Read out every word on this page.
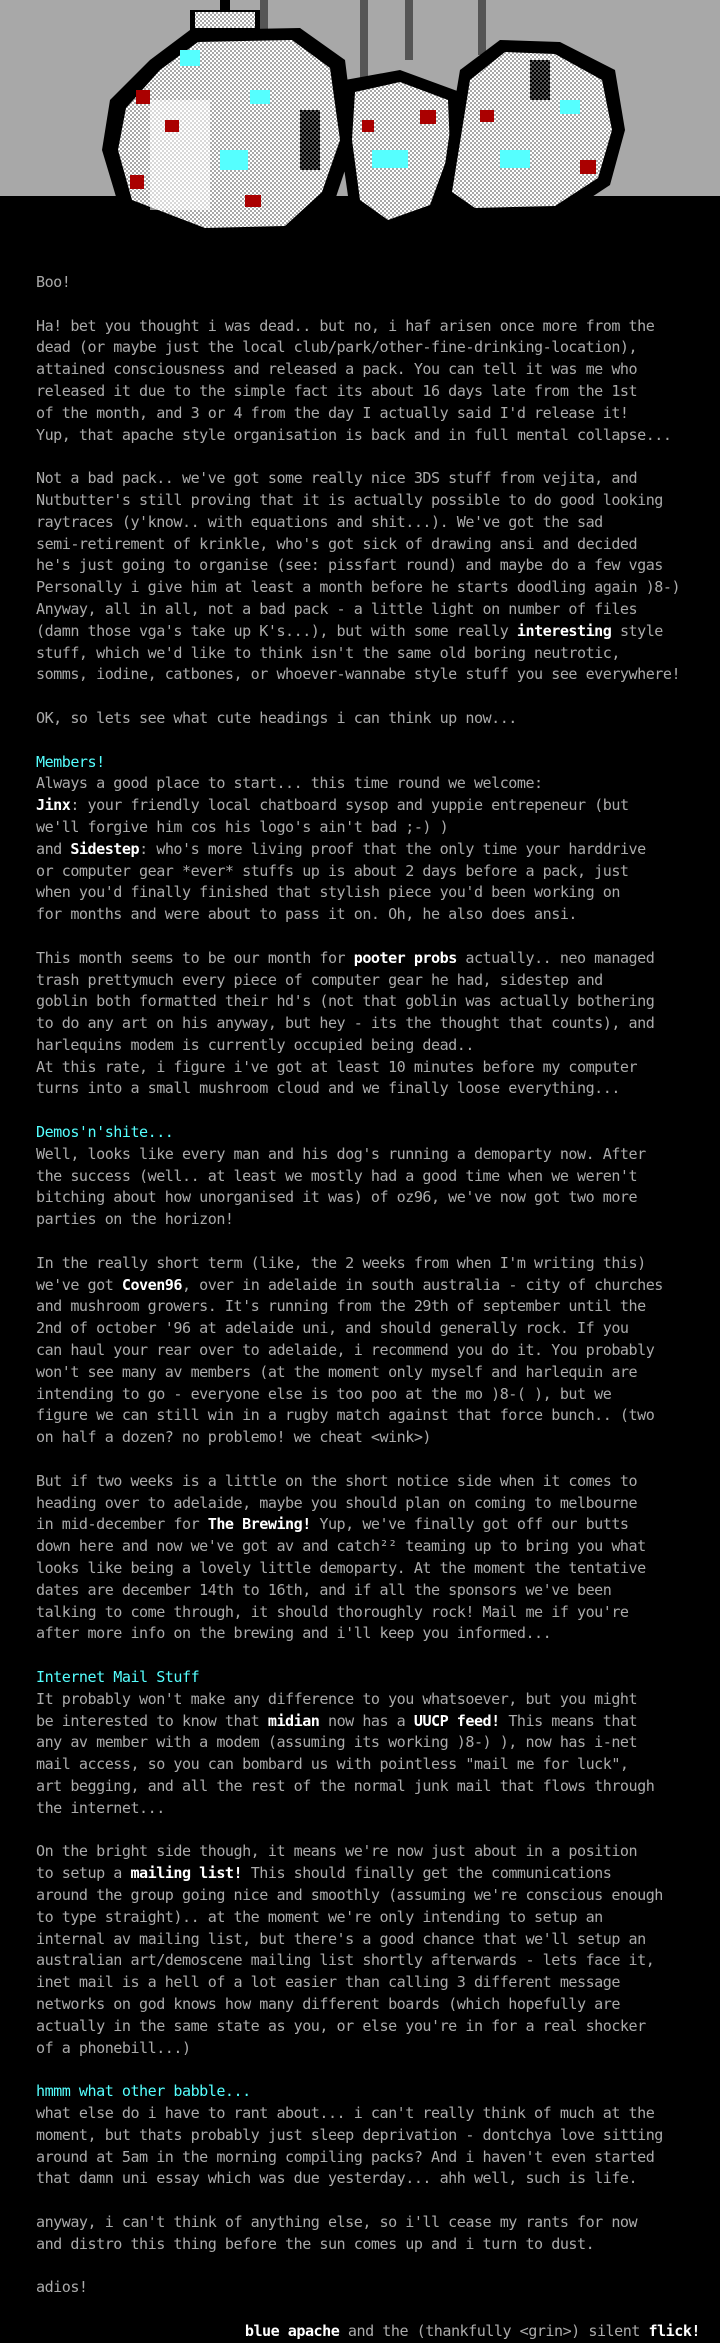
Boo!
Ha! bet you thought i was dead.. but no, i haf arisen once more from the
dead (or maybe just the local club/park/other-fine-drinking-location),
attained consciousness and released a pack. You can tell it was me who
released it due to the simple fact its about 16 days late from the 1st
of the month, and 3 or 4 from the day I actually said I'd release it!
Yup, that apache style organisation is back and in full mental collapse...
Not a bad pack.. we've got some really nice 3DS stuff from vejita, and
Nutbutter's still proving that it is actually possible to do good looking
raytraces (y'know.. with equations and shit...). We've got the sad
semi-retirement of krinkle, who's got sick of drawing ansi and decided
he's just going to organise (see: pissfart round) and maybe do a few vgas
Personally i give him at least a month before he starts doodling again )8-)
Anyway, all in all, not a bad pack - a little light on number of files
(damn those vga's take up K's...), but with some really interesting style
stuff, which we'd like to think isn't the same old boring neutrotic,
somms, iodine, catbones, or whoever-wannabe style stuff you see everywhere!
OK, so lets see what cute headings i can think up now...
Members!
Always a good place to start... this time round we welcome:
Jinx: your friendly local chatboard sysop and yuppie entrepeneur (but
we'll forgive him cos his logo's ain't bad ;-) )
and Sidestep: who's more living proof that the only time your harddrive
or computer gear *ever* stuffs up is about 2 days before a pack, just
when you'd finally finished that stylish piece you'd been working on
for months and were about to pass it on. Oh, he also does ansi.
This month seems to be our month for pooter probs actually.. neo managed
trash prettymuch every piece of computer gear he had, sidestep and
goblin both formatted their hd's (not that goblin was actually bothering
to do any art on his anyway, but hey - its the thought that counts), and
harlequins modem is currently occupied being dead..
At this rate, i figure i've got at least 10 minutes before my computer
turns into a small mushroom cloud and we finally loose everything...
Demos'n'shite...
Well, looks like every man and his dog's running a demoparty now. After
the success (well.. at least we mostly had a good time when we weren't
bitching about how unorganised it was) of oz96, we've now got two more
parties on the horizon!
In the really short term (like, the 2 weeks from when I'm writing this)
we've got Coven96, over in adelaide in south australia - city of churches
and mushroom growers. It's running from the 29th of september until the
2nd of october '96 at adelaide uni, and should generally rock. If you
can haul your rear over to adelaide, i recommend you do it. You probably
won't see many av members (at the moment only myself and harlequin are
intending to go - everyone else is too poo at the mo )8-( ), but we
figure we can still win in a rugby match against that force bunch.. (two
on half a dozen? no problemo! we cheat <wink>)
But if two weeks is a little on the short notice side when it comes to
heading over to adelaide, maybe you should plan on coming to melbourne
in mid-december for The Brewing! Yup, we've finally got off our butts
down here and now we've got av and catch²² teaming up to bring you what
looks like being a lovely little demoparty. At the moment the tentative
dates are december 14th to 16th, and if all the sponsors we've been
talking to come through, it should thoroughly rock! Mail me if you're
after more info on the brewing and i'll keep you informed...
Internet Mail Stuff
It probably won't make any difference to you whatsoever, but you might
be interested to know that midian now has a UUCP feed! This means that
any av member with a modem (assuming its working )8-) ), now has i-net
mail access, so you can bombard us with pointless "mail me for luck",
art begging, and all the rest of the normal junk mail that flows through
the internet...
On the bright side though, it means we're now just about in a position
to setup a mailing list! This should finally get the communications
around the group going nice and smoothly (assuming we're conscious enough
to type straight).. at the moment we're only intending to setup an
internal av mailing list, but there's a good chance that we'll setup an
australian art/demoscene mailing list shortly afterwards - lets face it,
inet mail is a hell of a lot easier than calling 3 different message
networks on god knows how many different boards (which hopefully are
actually in the same state as you, or else you're in for a real shocker
of a phonebill...)
hmmm what other babble...
what else do i have to rant about... i can't really think of much at the
moment, but thats probably just sleep deprivation - dontchya love sitting
around at 5am in the morning compiling packs? And i haven't even started
that damn uni essay which was due yesterday... ahh well, such is life.
anyway, i can't think of anything else, so i'll cease my rants for now
and distro this thing before the sun comes up and i turn to dust.
adios!
blue apache and the (thankfully <grin>) silent flick!
